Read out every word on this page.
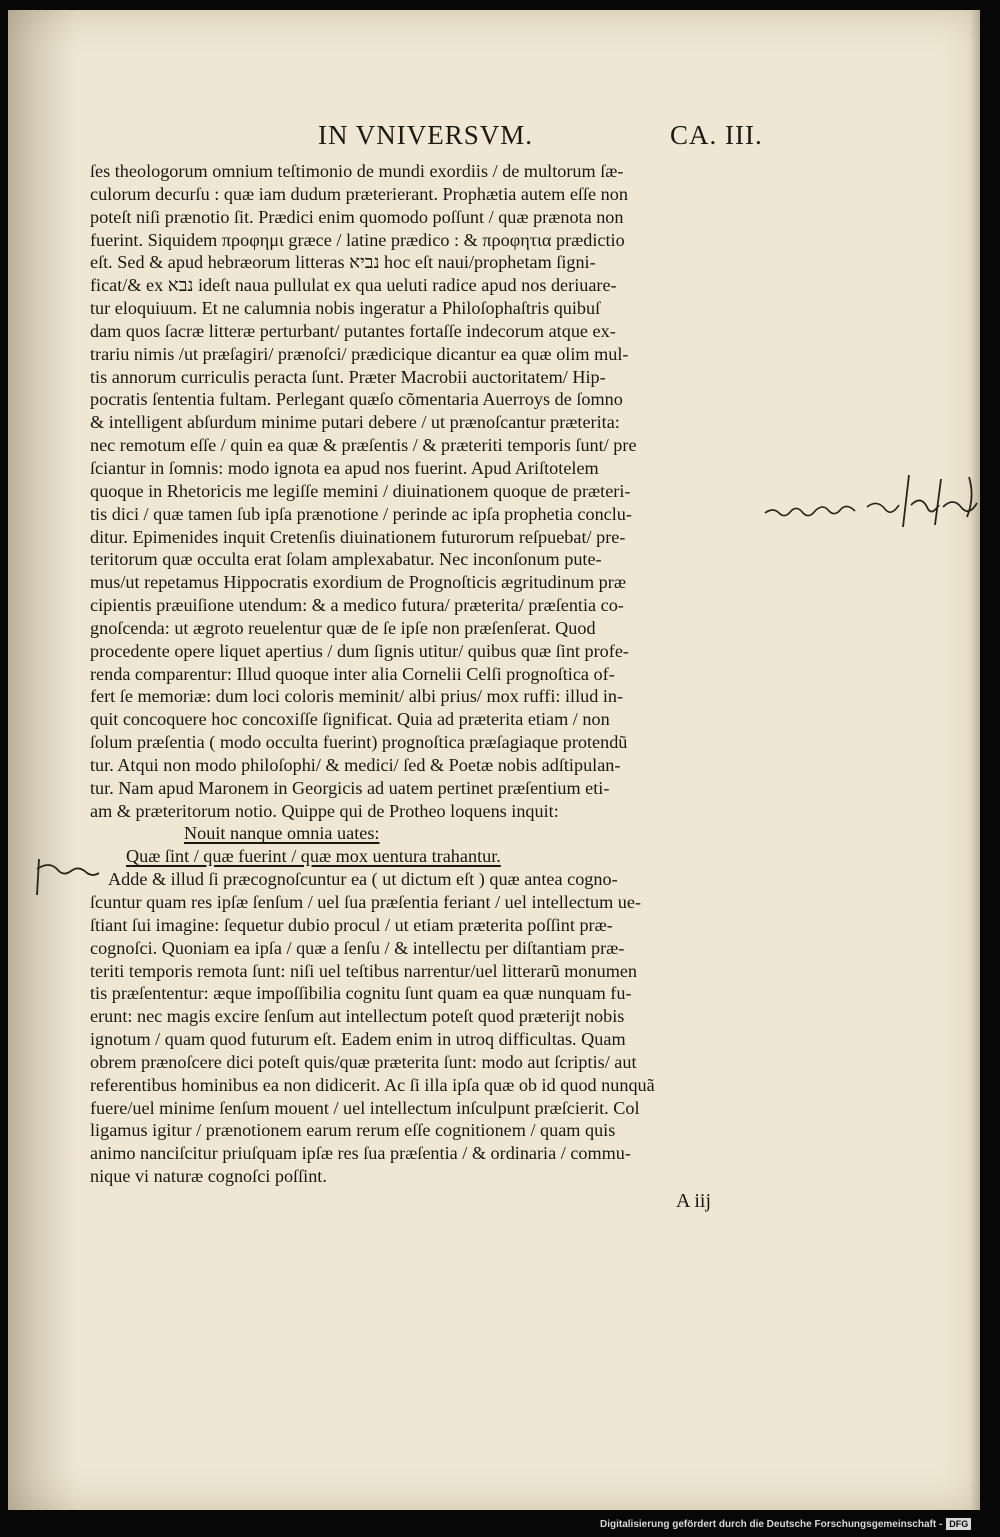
IN VNIVERSVM.	CA. III.
ſes theologorum omnium teſtimonio de mundi exordiis / de multorum ſæ-
culorum decurſu : quæ iam dudum præterierant. Prophætia autem eſſe non
poteſt niſi prænotio ſit. Prædici enim quomodo poſſunt / quæ prænota non
fuerint. Siquidem προφημι græce / latine prædico : & προφητια prædictio
eſt. Sed & apud hebræorum litteras נביא hoc eſt naui/prophetam ſigni-
ficat/& ex נבא ideſt naua pullulat ex qua ueluti radice apud nos deriuare-
tur eloquiuum. Et ne calumnia nobis ingeratur a Philoſophaſtris quibuſ
dam quos ſacræ litteræ perturbant/ putantes fortaſſe indecorum atque ex-
trariu nimis /ut præſagiri/ prænoſci/ prædicique dicantur ea quæ olim mul-
tis annorum curriculis peracta ſunt. Præter Macrobii auctoritatem/ Hip-
pocratis ſententia fultam. Perlegant quæſo cõmentaria Auerroys de ſomno
& intelligent abſurdum minime putari debere / ut prænoſcantur præterita:
nec remotum eſſe / quin ea quæ & præſentis / & præteriti temporis ſunt/ pre
ſciantur in ſomnis: modo ignota ea apud nos fuerint. Apud Ariſtotelem
quoque in Rhetoricis me legiſſe memini / diuinationem quoque de præteri-
tis dici / quæ tamen ſub ipſa prænotione / perinde ac ipſa prophetia conclu-
ditur. Epimenides inquit Cretenſis diuinationem futurorum reſpuebat/ pre-
teritorum quæ occulta erat ſolam amplexabatur. Nec inconſonum pute-
mus/ut repetamus Hippocratis exordium de Prognoſticis ægritudinum præ
cipientis præuiſione utendum: & a medico futura/ præterita/ præſentia co-
gnoſcenda: ut ægroto reuelentur quæ de ſe ipſe non præſenſerat. Quod
procedente opere liquet apertius / dum ſignis utitur/ quibus quæ ſint profe-
renda comparentur: Illud quoque inter alia Cornelii Celſi prognoſtica of-
fert ſe memoriæ: dum loci coloris meminit/ albi prius/ mox ruffi: illud in-
quit concoquere hoc concoxiſſe ſignificat. Quia ad præterita etiam / non
ſolum præſentia ( modo occulta fuerint) prognoſtica præſagiaque protendũ
tur. Atqui non modo philoſophi/ & medici/ ſed & Poetæ nobis adſtipulan-
tur. Nam apud Maronem in Georgicis ad uatem pertinet præſentium eti-
am & præteritorum notio. Quippe qui de Protheo loquens inquit:
Nouit nanque omnia uates:
Quæ ſint / quæ fuerint / quæ mox uentura trahantur.
Adde & illud ſi præcognoſcuntur ea ( ut dictum eſt ) quæ antea cogno-
ſcuntur quam res ipſæ ſenſum / uel ſua præſentia feriant / uel intellectum ue-
ſtiant ſui imagine: ſequetur dubio procul / ut etiam præterita poſſint præ-
cognoſci. Quoniam ea ipſa / quæ a ſenſu / & intellectu per diſtantiam præ-
teriti temporis remota ſunt: niſi uel teſtibus narrentur/uel litterarũ monumen
tis præſententur: æque impoſſibilia cognitu ſunt quam ea quæ nunquam fu-
erunt: nec magis excire ſenſum aut intellectum poteſt quod præterijt nobis
ignotum / quam quod futurum eſt. Eadem enim in utroq difficultas. Quam
obrem prænoſcere dici poteſt quis/quæ præterita ſunt: modo aut ſcriptis/ aut
referentibus hominibus ea non didicerit. Ac ſi illa ipſa quæ ob id quod nunquã
fuere/uel minime ſenſum mouent / uel intellectum inſculpunt præſcierit. Col
ligamus igitur / prænotionem earum rerum eſſe cognitionem / quam quis
animo nanciſcitur priuſquam ipſæ res ſua præſentia / & ordinaria / commu-
nique vi naturæ cognoſci poſſint.
A iij
Digitalisierung gefördert durch die Deutsche Forschungsgemeinschaft - DFG
